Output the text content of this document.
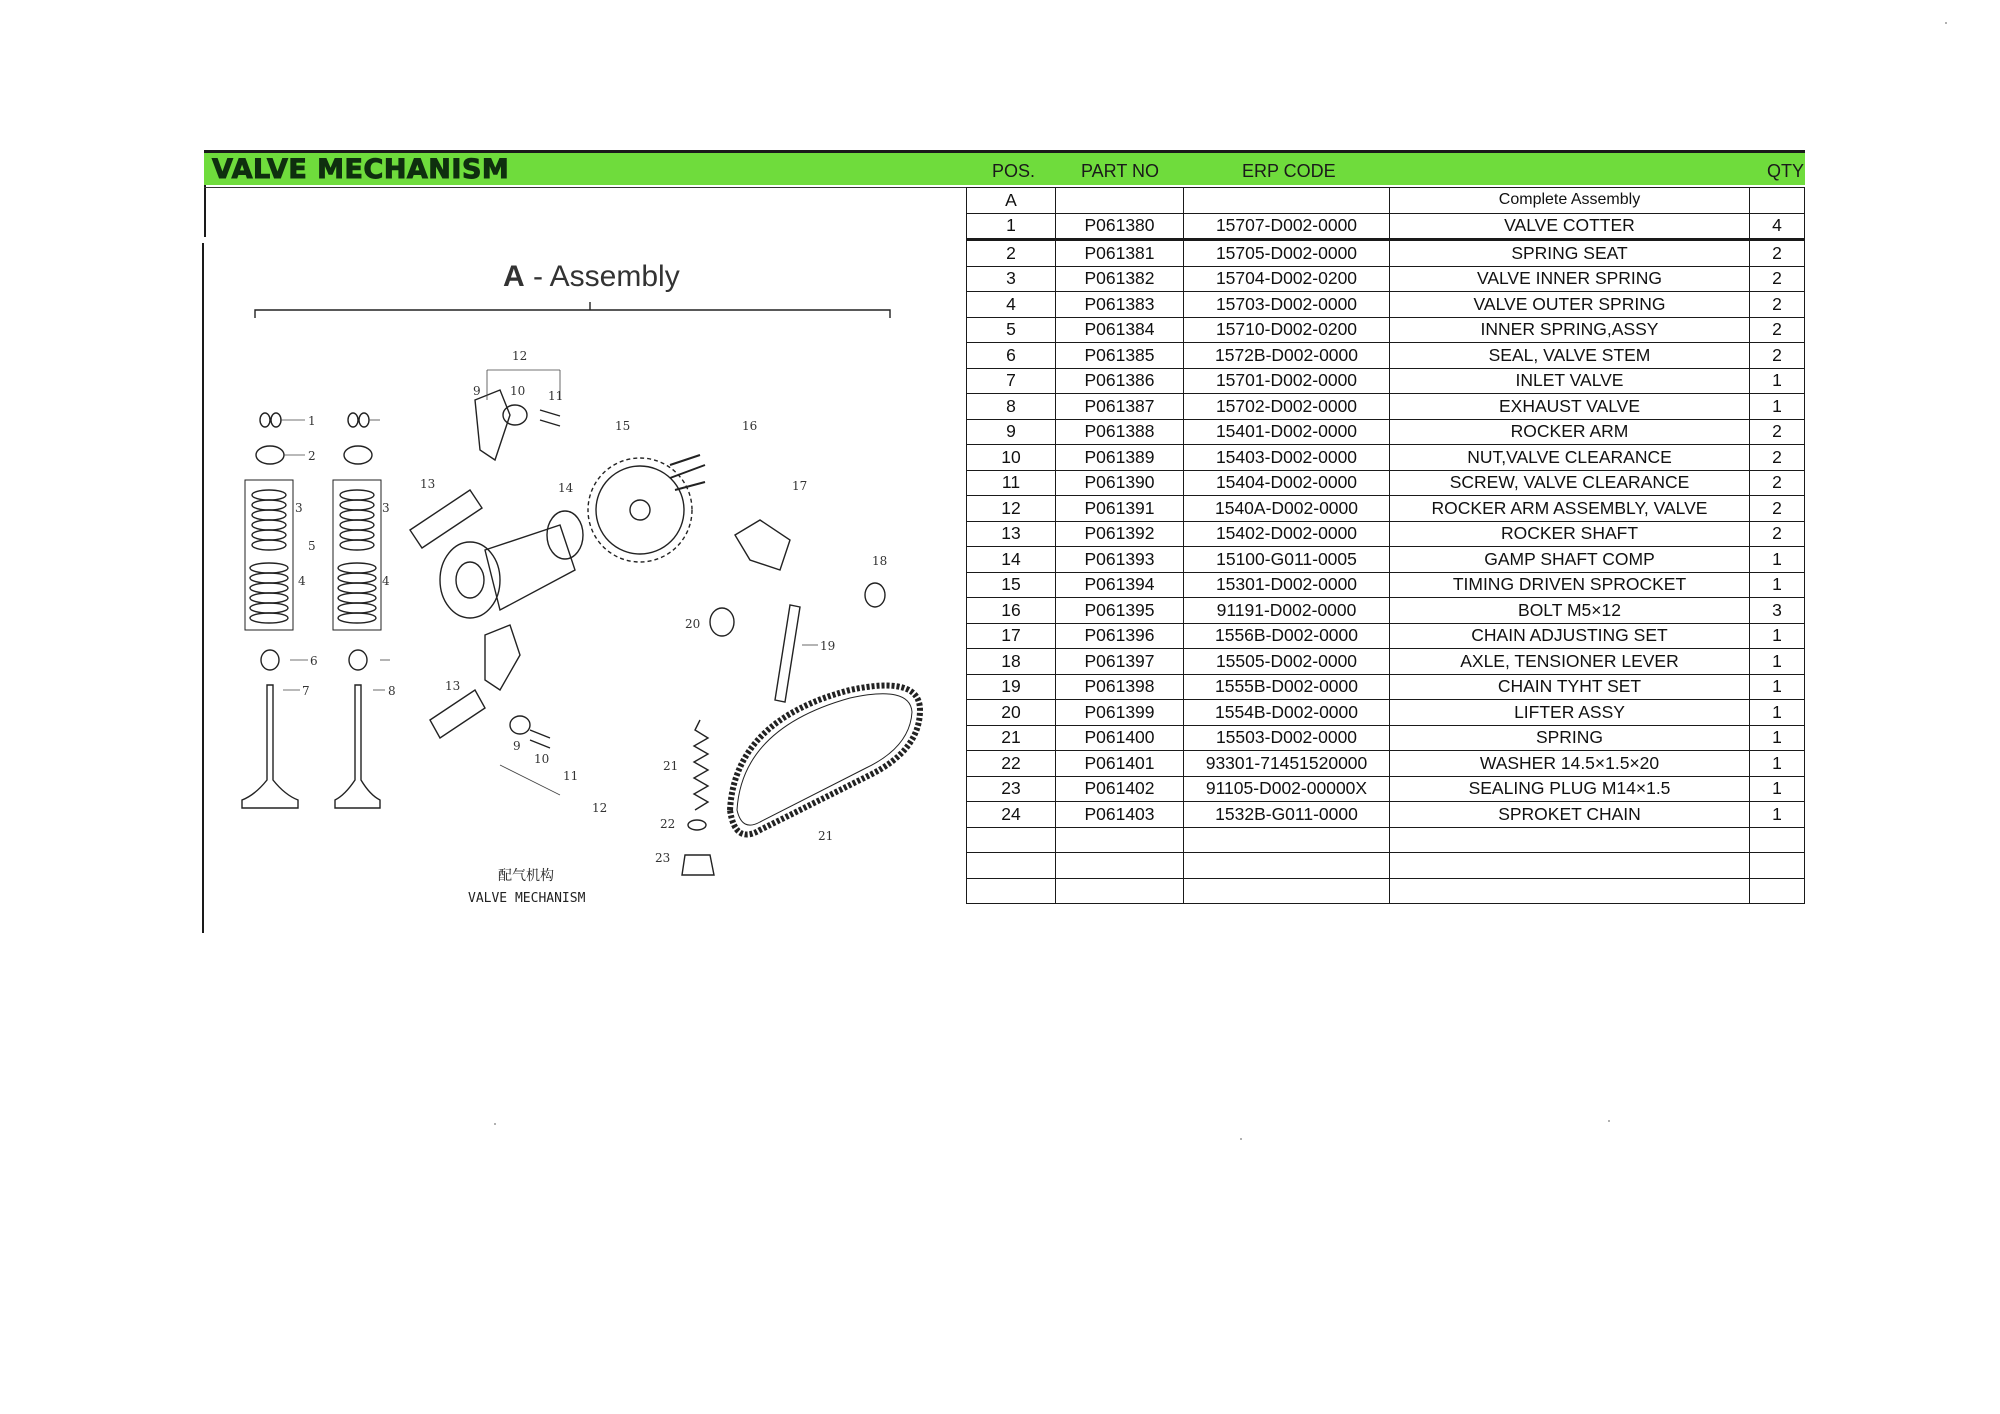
VALVE MECHANISM	POS.	PART NO	ERP CODE	QTY
A - Assembly
1
2
3	3
4	4
5
6
7	8
9 10 11
12
13	14
15	16
17
18
19
20
21
21
22
23
13
9
10
11
12
配气机构
VALVE MECHANISM
A			Complete Assembly	
1	P061380	15707-D002-0000	VALVE COTTER	4
2	P061381	15705-D002-0000	SPRING SEAT	2
3	P061382	15704-D002-0200	VALVE INNER SPRING	2
4	P061383	15703-D002-0000	VALVE OUTER SPRING	2
5	P061384	15710-D002-0200	INNER SPRING,ASSY	2
6	P061385	1572B-D002-0000	SEAL, VALVE STEM	2
7	P061386	15701-D002-0000	INLET VALVE	1
8	P061387	15702-D002-0000	EXHAUST VALVE	1
9	P061388	15401-D002-0000	ROCKER ARM	2
10	P061389	15403-D002-0000	NUT,VALVE CLEARANCE	2
11	P061390	15404-D002-0000	SCREW, VALVE CLEARANCE	2
12	P061391	1540A-D002-0000	ROCKER ARM ASSEMBLY, VALVE	2
13	P061392	15402-D002-0000	ROCKER SHAFT	2
14	P061393	15100-G011-0005	GAMP SHAFT COMP	1
15	P061394	15301-D002-0000	TIMING DRIVEN SPROCKET	1
16	P061395	91191-D002-0000	BOLT M5×12	3
17	P061396	1556B-D002-0000	CHAIN ADJUSTING SET	1
18	P061397	15505-D002-0000	AXLE, TENSIONER LEVER	1
19	P061398	1555B-D002-0000	CHAIN TYHT SET	1
20	P061399	1554B-D002-0000	LIFTER ASSY	1
21	P061400	15503-D002-0000	SPRING	1
22	P061401	93301-71451520000	WASHER 14.5×1.5×20	1
23	P061402	91105-D002-00000X	SEALING PLUG M14×1.5	1
24	P061403	1532B-G011-0000	SPROKET CHAIN	1
